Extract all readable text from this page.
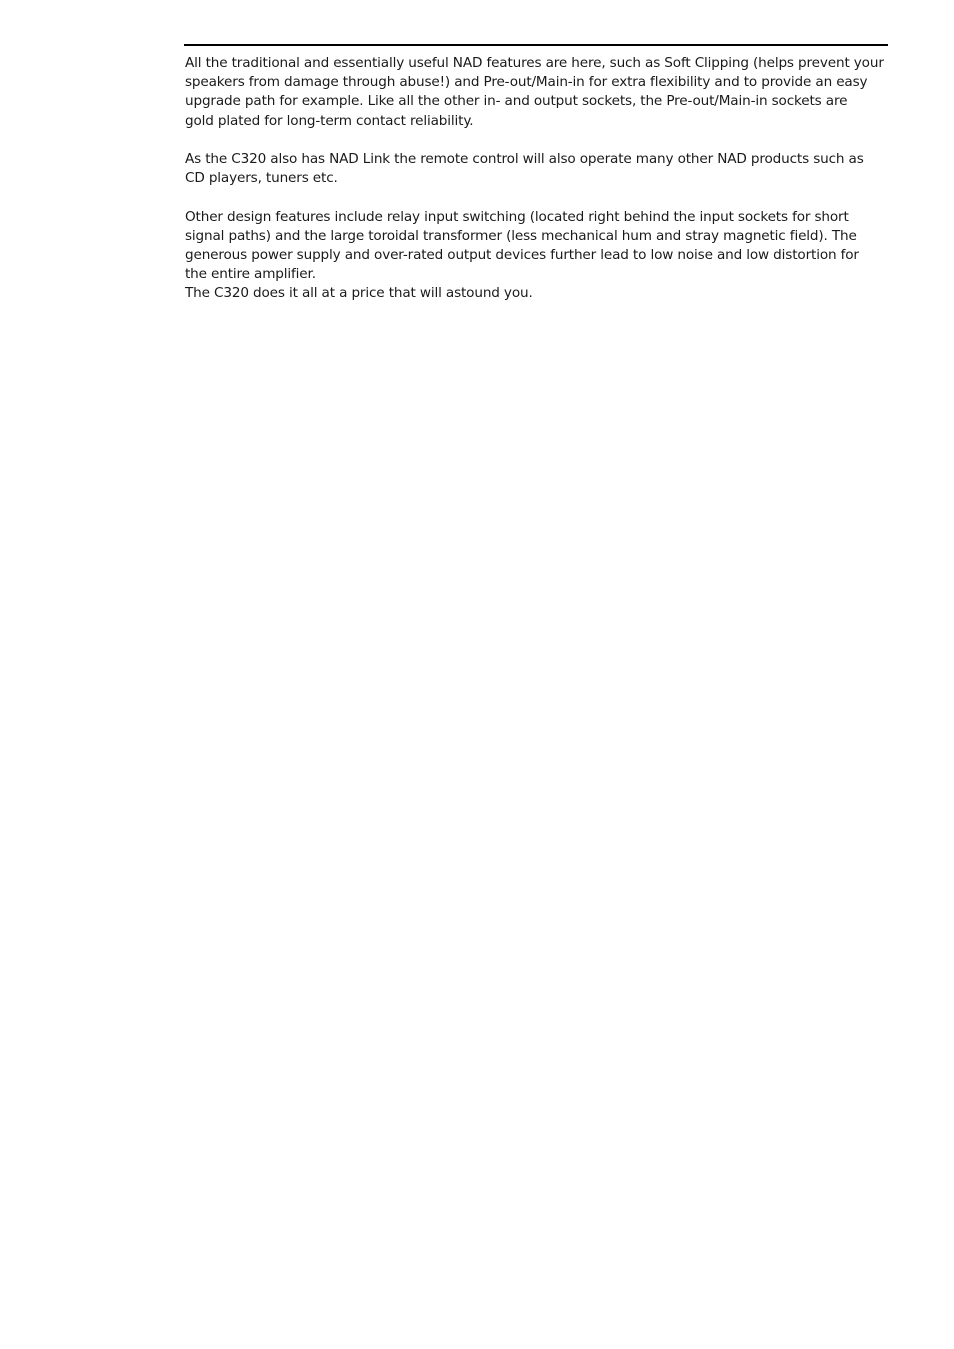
All the traditional and essentially useful NAD features are here, such as Soft Clipping (helps prevent your
speakers from damage through abuse!) and Pre-out/Main-in for extra flexibility and to provide an easy
upgrade path for example. Like all the other in- and output sockets, the Pre-out/Main-in sockets are
gold plated for long-term contact reliability.

As the C320 also has NAD Link the remote control will also operate many other NAD products such as
CD players, tuners etc.

Other design features include relay input switching (located right behind the input sockets for short
signal paths) and the large toroidal transformer (less mechanical hum and stray magnetic field). The
generous power supply and over-rated output devices further lead to low noise and low distortion for
the entire amplifier.

The C320 does it all at a price that will astound you.
